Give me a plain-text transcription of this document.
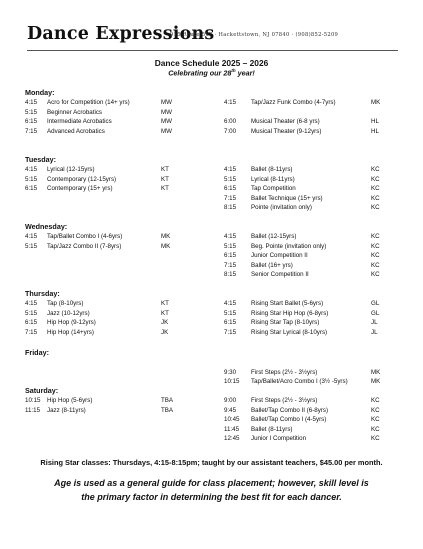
Dance Expressions
915 Route 517 · Hackettstown, NJ 07840 · (908)852-5209
Dance Schedule 2025 – 2026
Celebrating our 28th year!
Monday:
4:15 Acro for Competition (14+ yrs)	MW
5:15 Beginner Acrobatics	MW
6:15 Intermediate Acrobatics	MW
7:15 Advanced Acrobatics	MW
4:15 Tap/Jazz Funk Combo (4-7yrs)	MK
6:00 Musical Theater (6-8 yrs)	HL
7:00 Musical Theater (9-12yrs)	HL
Tuesday:
4:15 Lyrical (12-15yrs)	KT
5:15 Contemporary (12-15yrs)	KT
6:15 Contemporary (15+ yrs)	KT
4:15 Ballet (8-11yrs)	KC
5:15 Lyrical (8-11yrs)	KC
6:15 Tap Competition	KC
7:15 Ballet Technique (15+ yrs)	KC
8:15 Pointe (invitation only)	KC
Wednesday:
4:15 Tap/Ballet Combo I (4-6yrs)	MK
5:15 Tap/Jazz Combo II (7-8yrs)	MK
4:15 Ballet (12-15yrs)	KC
5:15 Beg. Pointe (invitation only)	KC
6:15 Junior Competition II	KC
7:15 Ballet (16+ yrs)	KC
8:15 Senior Competition II	KC
Thursday:
4:15 Tap (8-10yrs)	KT
5:15 Jazz (10-12yrs)	KT
6:15 Hip Hop (9-12yrs)	JK
7:15 Hip Hop (14+yrs)	JK
4:15 Rising Start Ballet (5-6yrs)	GL
5:15 Rising Star Hip Hop (6-8yrs)	GL
6:15 Rising Star Tap (8-10yrs)	JL
7:15 Rising Star Lyrical (8-10yrs)	JL
Friday:
9:30 First Steps (2½ - 3½yrs)	MK
10:15 Tap/Ballet/Acro Combo I (3½ -5yrs)	MK
Saturday:
10:15 Hip Hop (5-6yrs)	TBA
11:15 Jazz (8-11yrs)	TBA
9:00 First Steps (2½ - 3½yrs)	KC
9:45 Ballet/Tap Combo II (6-8yrs)	KC
10:45 Ballet/Tap Combo I (4-5yrs)	KC
11:45 Ballet (8-11yrs)	KC
12:45 Junior I Competition	KC
Rising Star classes: Thursdays, 4:15-8:15pm; taught by our assistant teachers, $45.00 per month.
Age is used as a general guide for class placement; however, skill level is
the primary factor in determining the best fit for each dancer.
